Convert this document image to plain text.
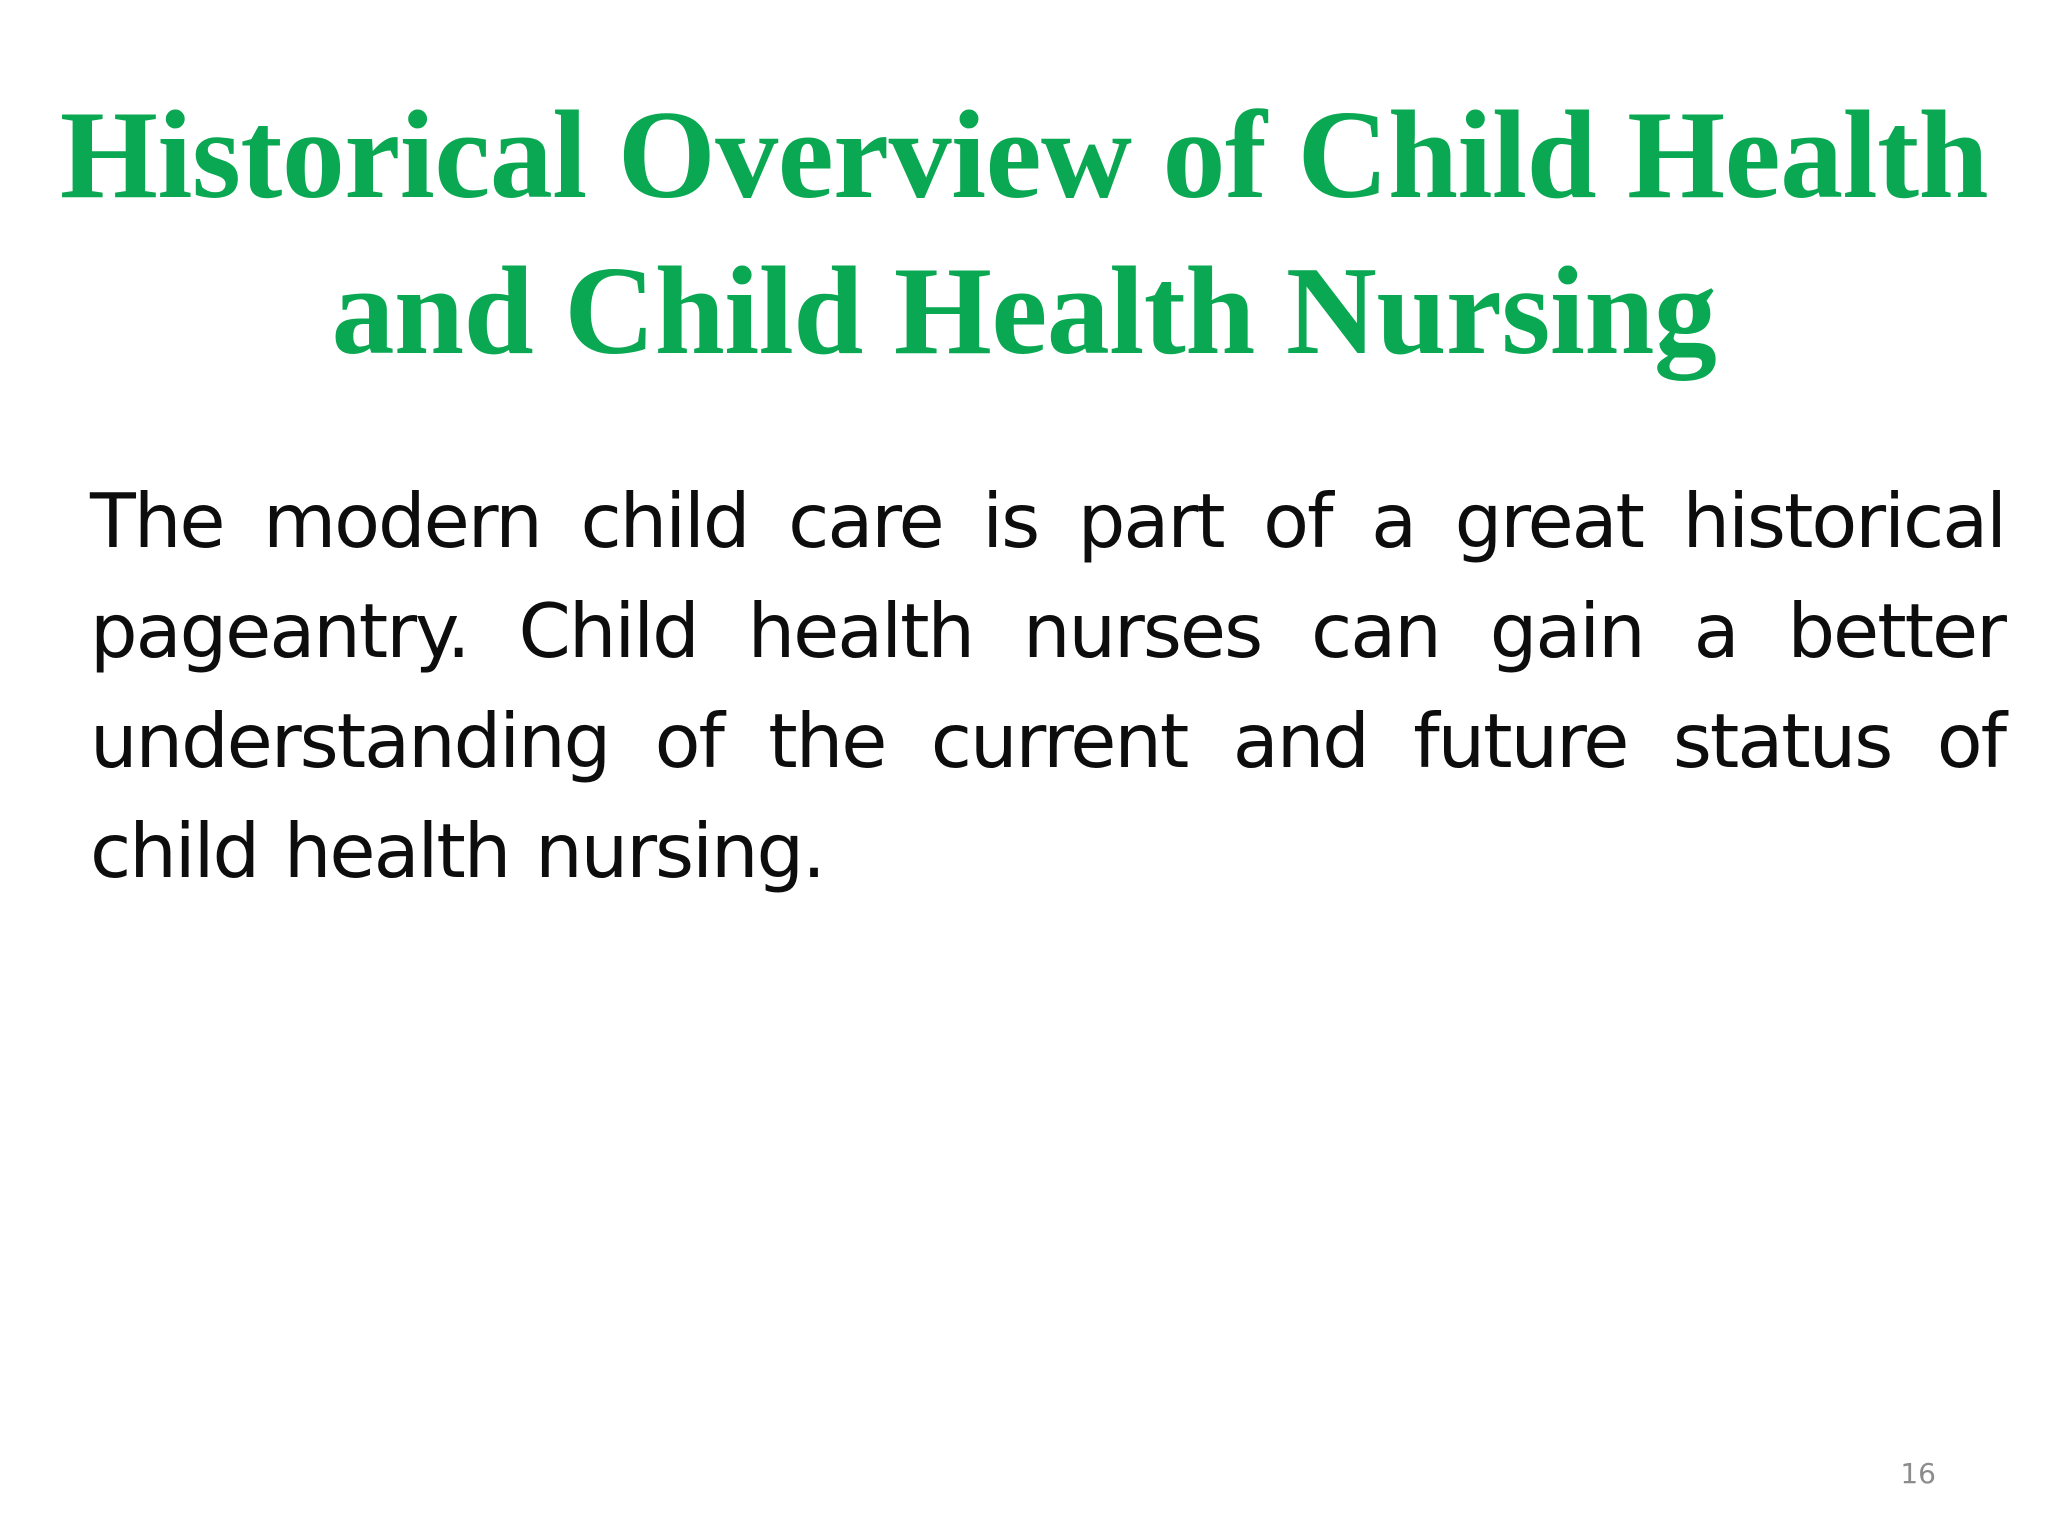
Historical Overview of Child Health
and Child Health Nursing

The modern child care is part of a great historical pageantry. Child health nurses can gain a better understanding of the current and future status of child health nursing.

16
